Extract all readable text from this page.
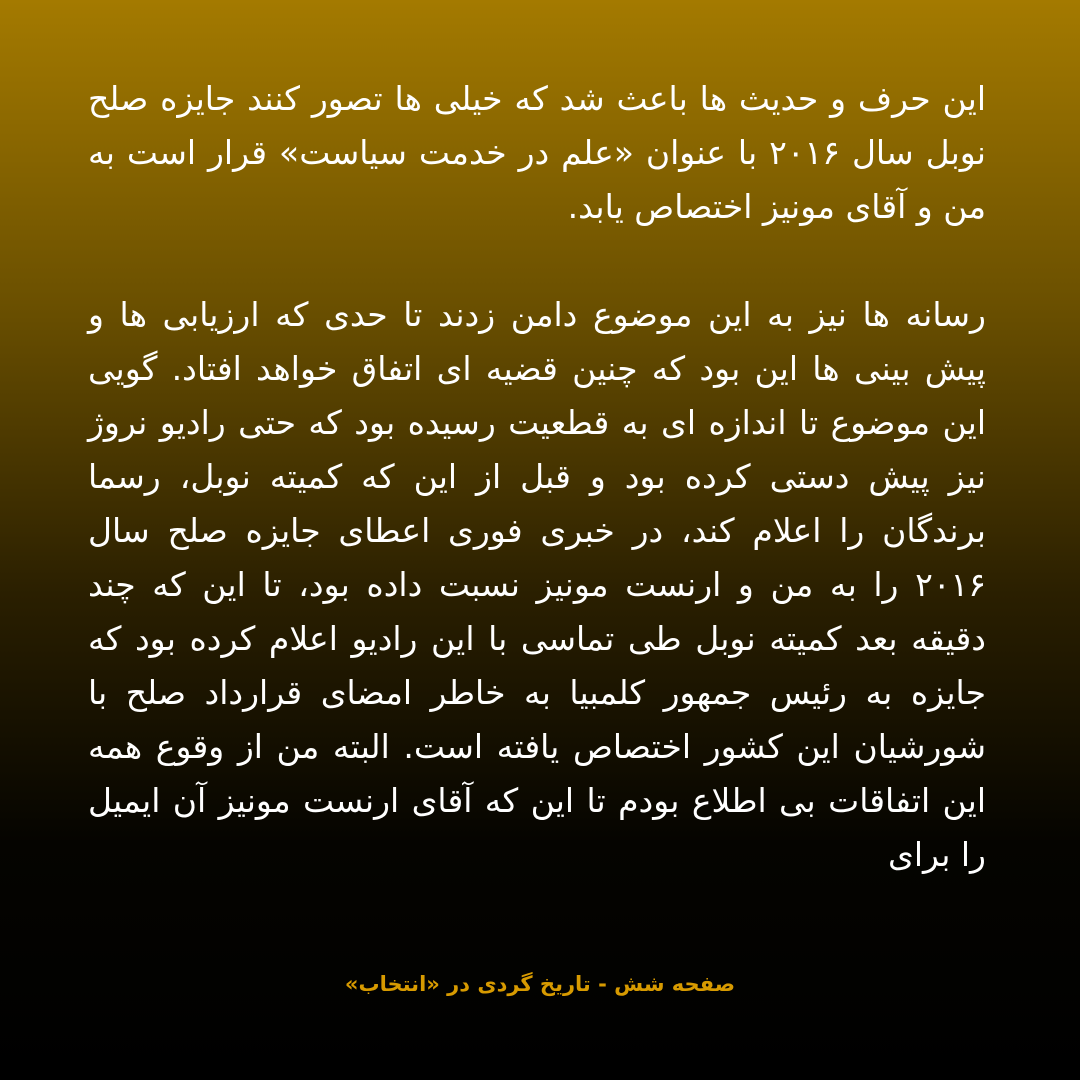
این حرف و حدیث ها باعث شد که خیلی ها تصور کنند جایزه صلح نوبل سال ۲۰۱۶ با عنوان «علم در خدمت سیاست» قرار است به من و آقای مونیز اختصاص یابد.

رسانه ها نیز به این موضوع دامن زدند تا حدی که ارزیابی ها و پیش بینی ها این بود که چنین قضیه ای اتفاق خواهد افتاد. گویی این موضوع تا اندازه ای به قطعیت رسیده بود که حتی رادیو نروژ نیز پیش دستی کرده بود و قبل از این که کمیته نوبل، رسما برندگان را اعلام کند، در خبری فوری اعطای جایزه صلح سال ۲۰۱۶ را به من و ارنست مونیز نسبت داده بود، تا این که چند دقیقه بعد کمیته نوبل طی تماسی با این رادیو اعلام کرده بود که جایزه به رئیس جمهور کلمبیا به خاطر امضای قرارداد صلح با شورشیان این کشور اختصاص یافته است. البته من از وقوع همه این اتفاقات بی اطلاع بودم تا این که آقای ارنست مونیز آن ایمیل را برای

صفحه شش - تاریخ گردی در «انتخاب»
